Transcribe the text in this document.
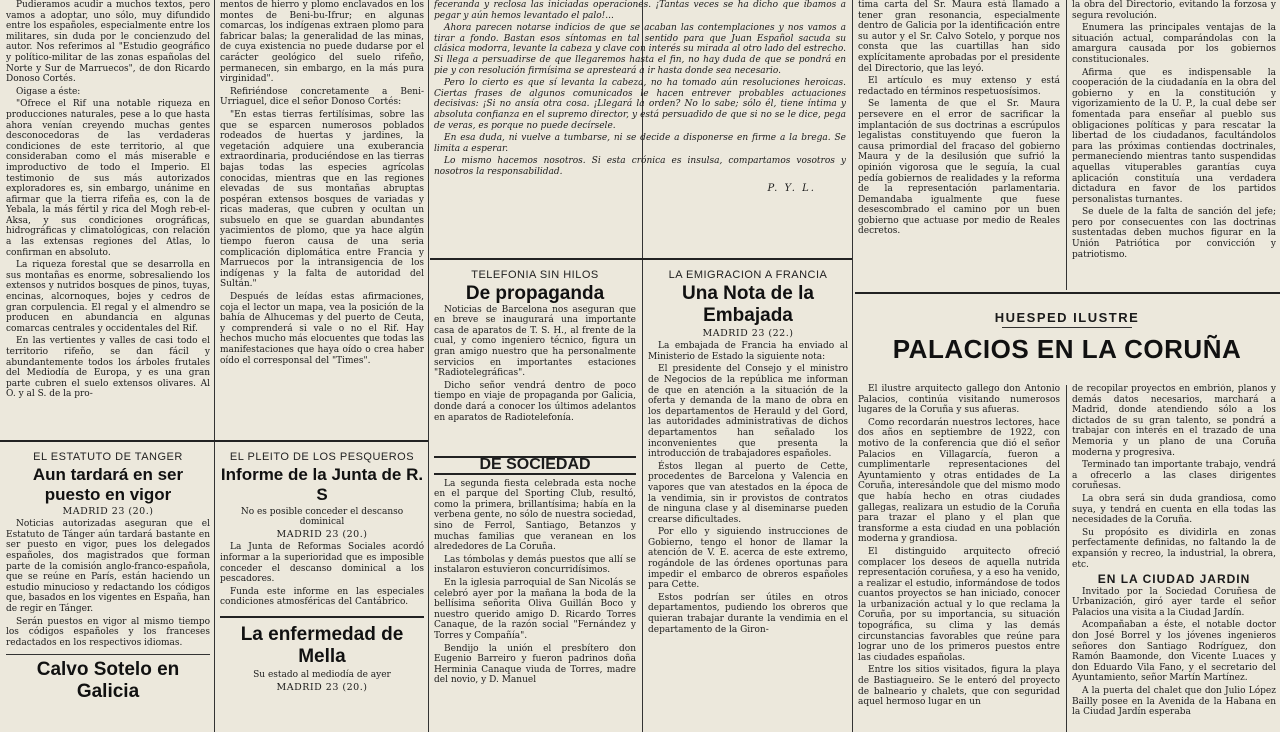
Pudieramos acudir a muchos textos, pero vamos a adoptar, uno sólo, muy difundido entre los españoles, especialmente entre los militares, sin duda por le concienzudo del autor. Nos referimos al "Estudio geográfico y político-militar de las zonas españolas del Norte y Sur de Marruecos", de don Ricardo Donoso Cortés.

Oigase a éste:

"Ofrece el Rif una notable riqueza en producciones naturales, pese a lo que hasta ahora venían creyendo muchas gentes desconocedoras de las verdaderas condiciones de este territorio, al que consideraban como el más miserable e improductivo de todo el Imperio. El testimonio de sus más autorizados exploradores es, sin embargo, unánime en afirmar que la tierra rifeña es, con la de Yebala, la más fértil y rica del Mogh reb-el-Aksa, y sus condiciones orográficas, hidrográficas y climatológicas, con relación a las extensas regiones del Atlas, lo confirman en absoluto.

La riqueza forestal que se desarrolla en sus montañas es enorme, sobresaliendo los extensos y nutridos bosques de pinos, tuyas, encinas, alcornoques, bojes y cedros de gran corpulencia. El regal y el almendro se producen en abundancia en algunas comarcas centrales y occidentales del Rif.

En las vertientes y valles de casi todo el territorio rifeño, se dan fácil y abundantemente todos los árboles frutales del Mediodía de Europa, y es una gran parte cubren el suelo extensos olivares. Al O. y al S. de la pro-

mentos de hierro y plomo enclavados en los montes de Beni-bu-Ifrur; en algunas comarcas, los indígenas extraen plomo para fabricar balas; la generalidad de las minas, de cuya existencia no puede dudarse por el carácter geológico del suelo rifeño, permanecen, sin embargo, en la más pura virginidad".

Refiriéndose concretamente a Beni-Urriaguel, dice el señor Donoso Cortés:

"En estas tierras fertilísimas, sobre las que se esparcen numerosos poblados rodeados de huertas y jardines, la vegetación adquiere una exuberancia extraordinaria, produciéndose en las tierras bajas todas las especies agrícolas conocidas, mientras que en las regiones elevadas de sus montañas abruptas pospéran extensos bosques de variadas y ricas maderas, que cubren y ocultan un subsuelo en que se guardan abundantes yacimientos de plomo, que ya hace algún tiempo fueron causa de una seria complicación diplomática entre Francia y Marruecos por la intransigencia de los indígenas y la falta de autoridad del Sultán."

Después de leídas estas afirmaciones, coja el lector un mapa, vea la posición de la bahía de Alhucemas y del puerto de Ceuta, y comprenderá si vale o no el Rif. Hay hechos mucho más elocuentes que todas las manifestaciones que haya oído o crea haber oído el corresponsal del "Times".

feceranda y reclosa las iniciadas operaciones. ¡Tantas veces se ha dicho que íbamos a pegar y aún hemos levantado el palo!...

Ahora parecen notarse indicios de que se acaban las contemplaciones y nos vamos a tirar a fondo. Bastan esos síntomas en tal sentido para que Juan Español sacuda su clásica modorra, levante la cabeza y clave con interés su mirada al otro lado del estrecho. Si llega a persuadirse de que llegaremos hasta el fin, no hay duda de que se pondrá en pie y con resolución firmísima se apresteará a ir hasta donde sea necesario.

Pero lo cierto es que sí levanta la cabeza, no ha tomado aún resoluciones heroicas. Ciertas frases de algunos comunicados le hacen entrever probables actuaciones decisivas: ¡Si no ansía otra cosa. ¡Llegará la orden? No lo sabe; sólo él, tiene íntima y absoluta confianza en el supremo director, y está persuadido de que si no se le dice, pega de veras, es porque no puede decírsele.

En esa duda, ni vuelve a tumbarse, ni se decide a disponerse en firme a la brega. Se limita a esperar.

Lo mismo hacemos nosotros. Si esta crónica es insulsa, compartamos vosotros y nosotros la responsabilidad.

P. Y. L.

tima carta del Sr. Maura está llamado a tener gran resonancia, especialmente dentro de Galicia por la identificación entre su autor y el Sr. Calvo Sotelo, y porque nos consta que las cuartillas han sido explícitamente aprobadas por el presidente del Directorio, que las leyó.

El artículo es muy extenso y está redactado en términos respetuosísimos.

Se lamenta de que el Sr. Maura persevere en el error de sacrificar la implantación de sus doctrinas a escrúpulos legalistas constituyendo que fueron la causa primordial del fracaso del gobierno Maura y de la desilusión que sufrió la opinión vigorosa que le seguía, la cual pedía gobiernos de realidades y la reforma de la representación parlamentaria. Demandaba igualmente que fuese desescombrado el camino por un buen gobierno que actuase por medio de Reales decretos.

la obra del Directorio, evitando la forzosa y segura revolución.

Enumera las principales ventajas de la situación actual, comparándolas con la amargura causada por los gobiernos constitucionales.

Afirma que es indispensable la cooperación de la ciudadanía en la obra del gobierno y en la constitución y vigorizamiento de la U. P., la cual debe ser fomentada para enseñar al pueblo sus obligaciones políticas y para rescatar la libertad de los ciudadanos, facultándolos para las próximas contiendas doctrinales, permaneciendo mientras tanto suspendidas aquellas vituperables garantías cuya aplicación constituía una verdadera dictadura en favor de los partidos personalistas turnantes.

Se duele de la falta de sanción del jefe; pero por consecuentes con las doctrinas sustentadas deben muchos figurar en la Unión Patriótica por convicción y patriotismo.

EL ESTATUTO DE TANGER
Aun tardará en ser puesto en vigor
MADRID 23 (20.)

Noticias autorizadas aseguran que el Estatuto de Tánger aún tardará bastante en ser puesto en vigor, pues los delegados españoles, dos magistrados que forman parte de la comisión anglo-franco-española, que se reúne en París, están haciendo un estudio minucioso y redactando los códigos que, basados en los vigentes en España, han de regir en Tánger.

Serán puestos en vigor al mismo tiempo los códigos españoles y los franceses redactados en los respectivos idiomas.

Calvo Sotelo en Galicia
EL PLEITO DE LOS PESQUEROS
Informe de la Junta de R. S
No es posible conceder el descanso dominical
MADRID 23 (20.)

La Junta de Reformas Sociales acordó informar a la superioridad que es imposible conceder el descanso dominical a los pescadores.

Funda este informe en las especiales condiciones atmosféricas del Cantábrico.

La enfermedad de Mella
Su estado al mediodía de ayer
MADRID 23 (20.)
TELEFONIA SIN HILOS
De propaganda

Noticias de Barcelona nos aseguran que en breve se inaugurará una importante casa de aparatos de T. S. H., al frente de la cual, y como ingeniero técnico, figura un gran amigo nuestro que ha personalmente servicios en importantes estaciones "Radiotelegráficas".

Dicho señor vendrá dentro de poco tiempo en viaje de propaganda por Galicia, donde dará a conocer los últimos adelantos en aparatos de Radiotelefonía.

DE SOCIEDAD

La segunda fiesta celebrada esta noche en el parque del Sporting Club, resultó, como la primera, brillantísima; había en la verbena gente, no sólo de nuestra sociedad, sino de Ferrol, Santiago, Betanzos y muchas familias que veranean en los alrededores de La Coruña.

Las tómbolas y demás puestos que allí se instalaron estuvieron concurridísimos.

En la iglesia parroquial de San Nicolás se celebró ayer por la mañana la boda de la bellísima señorita Oliva Guillán Boco y nuestro querido amigo D. Ricardo Torres Canaque, de la razón social "Fernández y Torres y Compañía".

Bendijo la unión el presbítero don Eugenio Barreiro y fueron padrinos doña Herminia Canaque viuda de Torres, madre del novio, y D. Manuel

LA EMIGRACION A FRANCIA
Una Nota de la Embajada
MADRID 23 (22.)

La embajada de Francia ha enviado al Ministerio de Estado la siguiente nota:

El presidente del Consejo y el ministro de Negocios de la república me informan de que en atención a la situación de la oferta y demanda de la mano de obra en los departamentos de Herauld y del Gord, las autoridades administrativas de dichos departamentos han señalado los inconvenientes que presenta la introducción de trabajadores españoles.

Éstos llegan al puerto de Cette, procedentes de Barcelona y Valencia en vapores que van atestados en la época de la vendimia, sin ir provistos de contratos de ninguna clase y al diseminarse pueden crearse dificultades.

Por ello y siguiendo instrucciones de Gobierno, tengo el honor de llamar la atención de V. E. acerca de este extremo, rogándole de las órdenes oportunas para impedir el embarco de obreros españoles para Cette.

Estos podrían ser útiles en otros departamentos, pudiendo los obreros que quieran trabajar durante la vendimia en el departamento de la Giron-

HUESPED ILUSTRE
PALACIOS EN LA CORUÑA

El ilustre arquitecto gallego don Antonio Palacios, continúa visitando numerosos lugares de la Coruña y sus afueras.

Como recordarán nuestros lectores, hace dos años en septiembre de 1922, con motivo de la conferencia que dió el señor Palacios en Villagarcía, fueron a cumplimentarle representaciones del Ayuntamiento y otras entidades de La Coruña, interesándole que del mismo modo que había hecho en otras ciudades gallegas, realizara un estudio de la Coruña para trazar el plano y el plan que transforme a esta ciudad en una población moderna y grandiosa.

El distinguido arquitecto ofreció complacer los deseos de aquella nutrida representación coruñesa, y a eso ha venido, a realizar el estudio, informándose de todos cuantos proyectos se han iniciado, conocer la urbanización actual y lo que reclama la Coruña, por su importancia, su situación topográfica, su clima y las demás circunstancias favorables que reúne para lograr uno de los primeros puestos entre las ciudades españolas.

Entre los sitios visitados, figura la playa de Bastiagueiro. Se le enteró del proyecto de balneario y chalets, que con seguridad aquel hermoso lugar en un

de recopilar proyectos en embrión, planos y demás datos necesarios, marchará a Madrid, donde atendiendo sólo a los dictados de su gran talento, se pondrá a trabajar con interés en el trazado de una Memoria y un plano de una Coruña moderna y progresiva.

Terminado tan importante trabajo, vendrá a ofrecerlo a las clases dirigentes coruñesas.

La obra será sin duda grandiosa, como suya, y tendrá en cuenta en ella todas las necesidades de la Coruña.

Su propósito es dividirla en zonas perfectamente definidas, no faltando la de expansión y recreo, la industrial, la obrera, etc.

EN LA CIUDAD JARDIN

Invitado por la Sociedad Coruñesa de Urbanización, giró ayer tarde el señor Palacios una visita a la Ciudad Jardín.

Acompañaban a éste, el notable doctor don José Borrel y los jóvenes ingenieros señores don Santiago Rodríguez, don Ramón Baamonde, don Vicente Luaces y don Eduardo Vila Fano, y el secretario del Ayuntamiento, señor Martín Martínez.

A la puerta del chalet que don Julio López Bailly posee en la Avenida de la Habana en la Ciudad Jardín esperaba
